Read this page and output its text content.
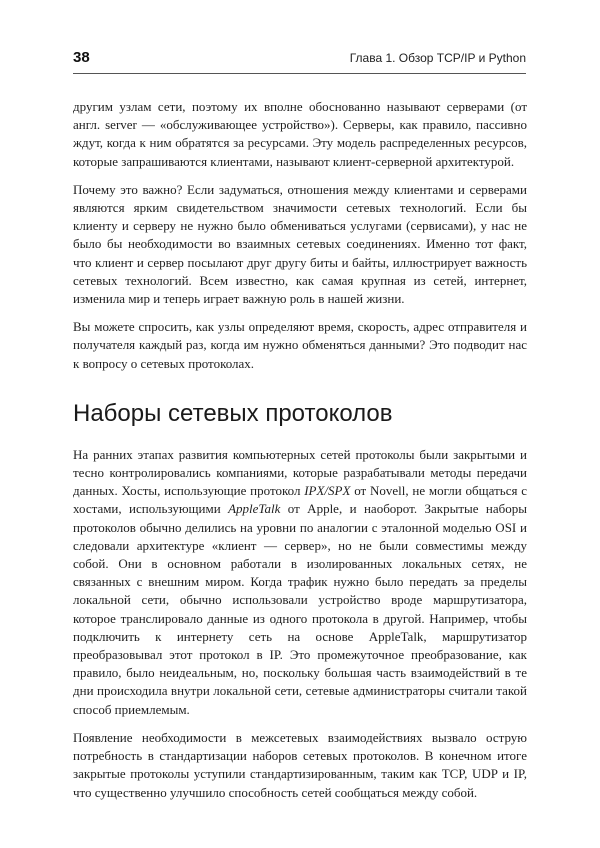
38	Глава 1. Обзор TCP/IP и Python

другим узлам сети, поэтому их вполне обоснованно называют серверами (от англ. server — «обслуживающее устройство»). Серверы, как правило, пассивно ждут, когда к ним обратятся за ресурсами. Эту модель распределенных ресурсов, которые запрашиваются клиентами, называют клиент-серверной архитектурой.

Почему это важно? Если задуматься, отношения между клиентами и серверами являются ярким свидетельством значимости сетевых технологий. Если бы клиенту и серверу не нужно было обмениваться услугами (сервисами), у нас не было бы необходимости во взаимных сетевых соединениях. Именно тот факт, что клиент и сервер посылают друг другу биты и байты, иллюстрирует важность сетевых технологий. Всем известно, как самая крупная из сетей, интернет, изменила мир и теперь играет важную роль в нашей жизни.

Вы можете спросить, как узлы определяют время, скорость, адрес отправителя и получателя каждый раз, когда им нужно обменяться данными? Это подводит нас к вопросу о сетевых протоколах.

Наборы сетевых протоколов

На ранних этапах развития компьютерных сетей протоколы были закрытыми и тесно контролировались компаниями, которые разрабатывали методы передачи данных. Хосты, использующие протокол IPX/SPX от Novell, не могли общаться с хостами, использующими AppleTalk от Apple, и наоборот. Закрытые наборы протоколов обычно делились на уровни по аналогии с эталонной моделью OSI и следовали архитектуре «клиент — сервер», но не были совместимы между собой. Они в основном работали в изолированных локальных сетях, не связанных с внешним миром. Когда трафик нужно было передать за пределы локальной сети, обычно использовали устройство вроде маршрутизатора, которое транслировало данные из одного протокола в другой. Например, чтобы подключить к интернету сеть на основе AppleTalk, маршрутизатор преобразовывал этот протокол в IP. Это промежуточное преобразование, как правило, было неидеальным, но, поскольку большая часть взаимодействий в те дни происходила внутри локальной сети, сетевые администраторы считали такой способ приемлемым.

Появление необходимости в межсетевых взаимодействиях вызвало острую потребность в стандартизации наборов сетевых протоколов. В конечном итоге закрытые протоколы уступили стандартизированным, таким как TCP, UDP и IP, что существенно улучшило способность сетей сообщаться между собой.
